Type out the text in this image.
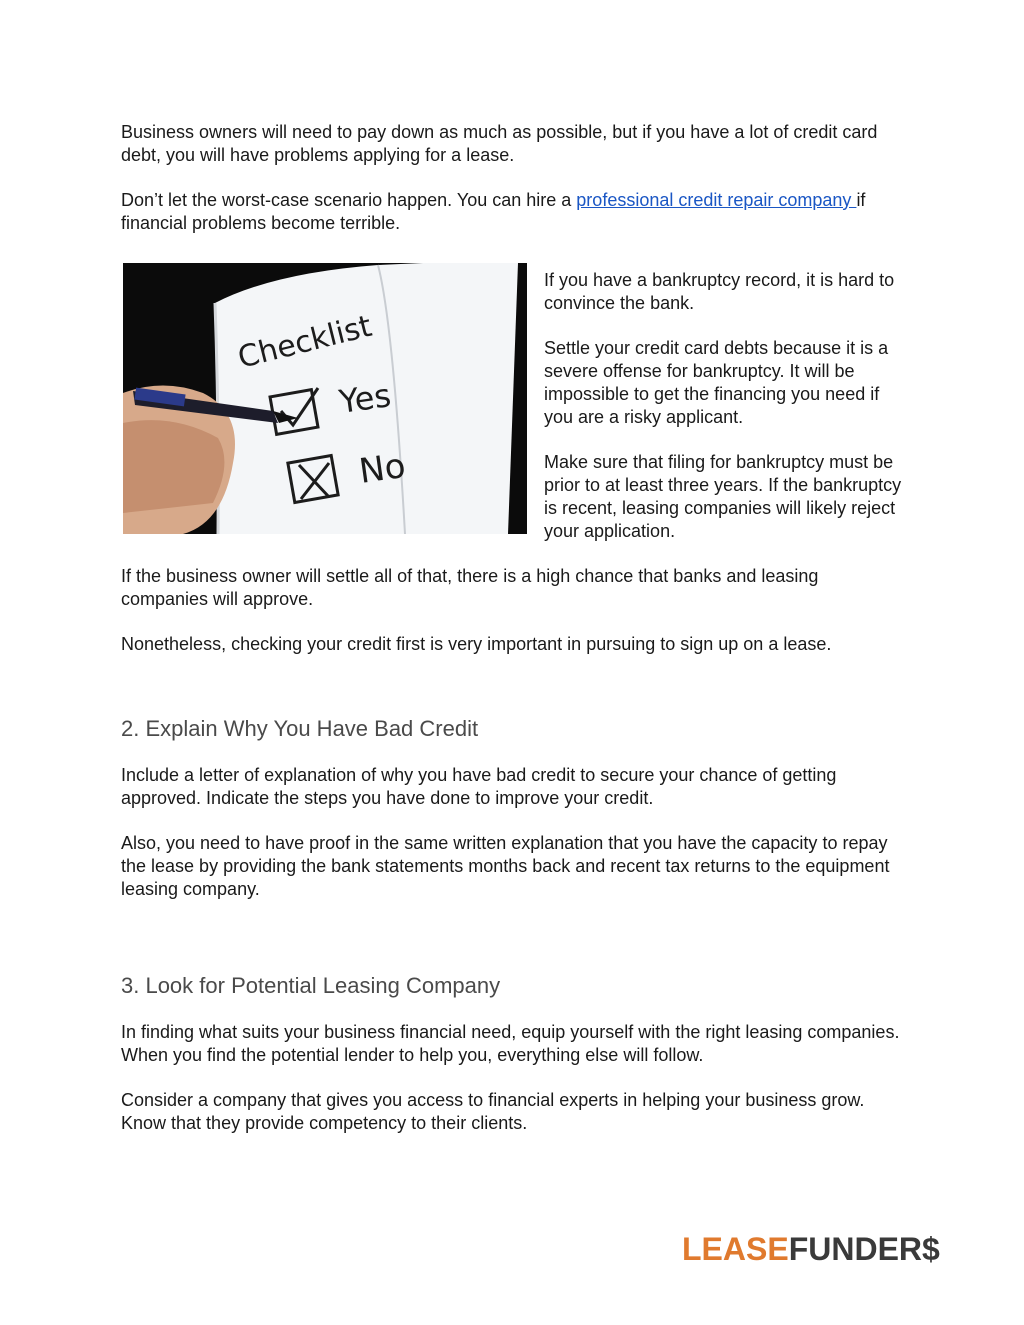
Business owners will need to pay down as much as possible, but if you have a lot of credit card debt, you will have problems applying for a lease.

Don’t let the worst-case scenario happen. You can hire a professional credit repair company if financial problems become terrible.

Checklist
Yes
No

If you have a bankruptcy record, it is hard to convince the bank.

Settle your credit card debts because it is a severe offense for bankruptcy. It will be impossible to get the financing you need if you are a risky applicant.

Make sure that filing for bankruptcy must be prior to at least three years. If the bankruptcy is recent, leasing companies will likely reject your application.

If the business owner will settle all of that, there is a high chance that banks and leasing companies will approve.

Nonetheless, checking your credit first is very important in pursuing to sign up on a lease.

2. Explain Why You Have Bad Credit

Include a letter of explanation of why you have bad credit to secure your chance of getting approved. Indicate the steps you have done to improve your credit.

Also, you need to have proof in the same written explanation that you have the capacity to repay the lease by providing the bank statements months back and recent tax returns to the equipment leasing company.

3. Look for Potential Leasing Company

In finding what suits your business financial need, equip yourself with the right leasing companies. When you find the potential lender to help you, everything else will follow.

Consider a company that gives you access to financial experts in helping your business grow. Know that they provide competency to their clients.

LEASEFUNDER$
